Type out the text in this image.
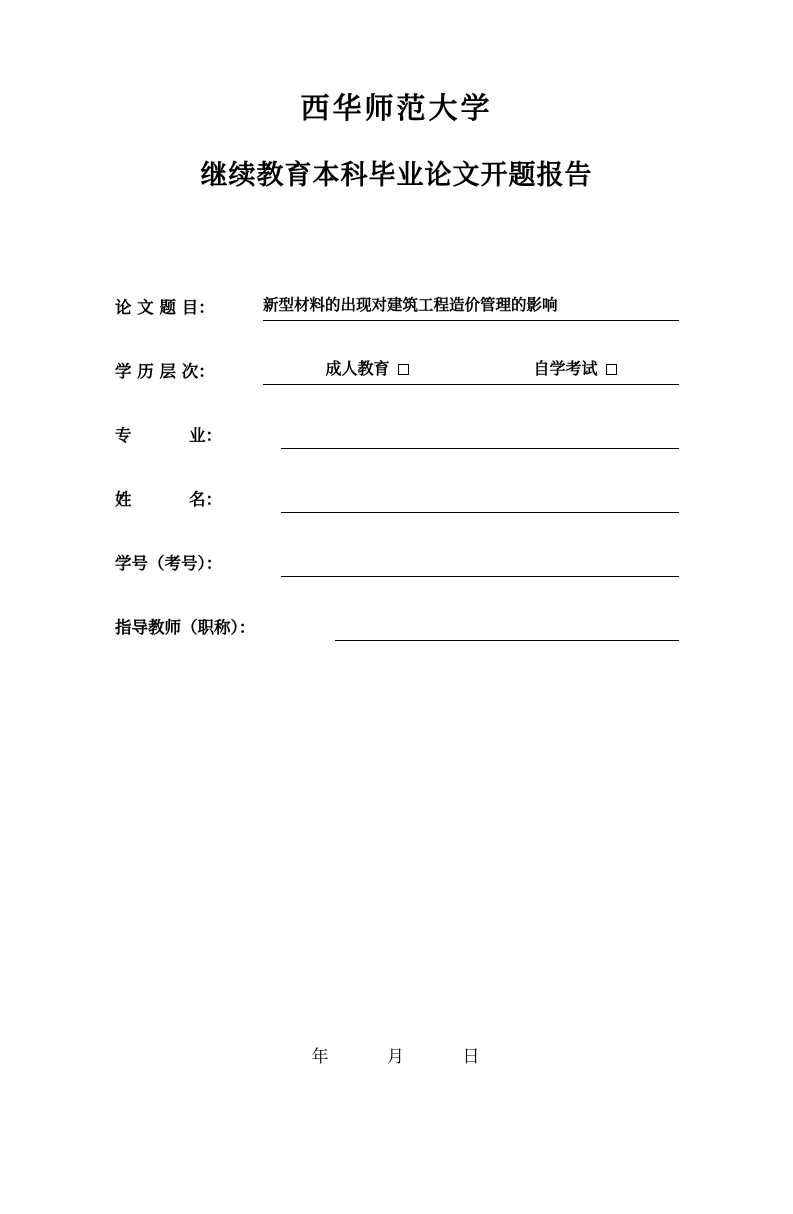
西华师范大学
继续教育本科毕业论文开题报告
论 文 题 目：	新型材料的出现对建筑工程造价管理的影响
学 历 层 次：	成人教育	自学考试
专          业：
姓          名：
学号（考号）：
指导教师（职称）：
年	月	日
